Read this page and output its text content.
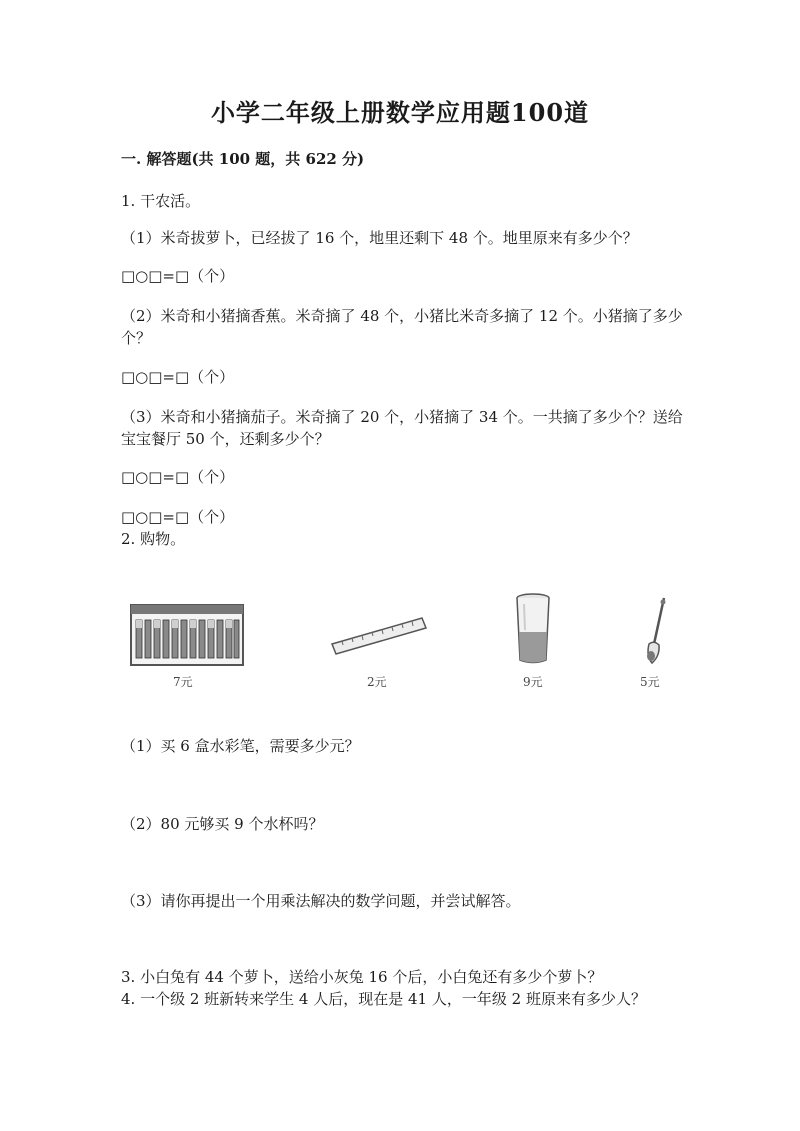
小学二年级上册数学应用题100道
一. 解答题(共 100 题，共 622 分)
1. 干农活。
（1）米奇拔萝卜，已经拔了 16 个，地里还剩下 48 个。地里原来有多少个？
□○□=□（个）
（2）米奇和小猪摘香蕉。米奇摘了 48 个，小猪比米奇多摘了 12 个。小猪摘了多少个？
□○□=□（个）
（3）米奇和小猪摘茄子。米奇摘了 20 个，小猪摘了 34 个。一共摘了多少个？送给宝宝餐厅 50 个，还剩多少个？
□○□=□（个）
□○□=□（个）
2. 购物。
7元	2元	9元	5元
（1）买 6 盒水彩笔，需要多少元？
（2）80 元够买 9 个水杯吗？
（3）请你再提出一个用乘法解决的数学问题，并尝试解答。
3. 小白兔有 44 个萝卜，送给小灰兔 16 个后，小白兔还有多少个萝卜？
4. 一个级 2 班新转来学生 4 人后，现在是 41 人，一年级 2 班原来有多少人？
